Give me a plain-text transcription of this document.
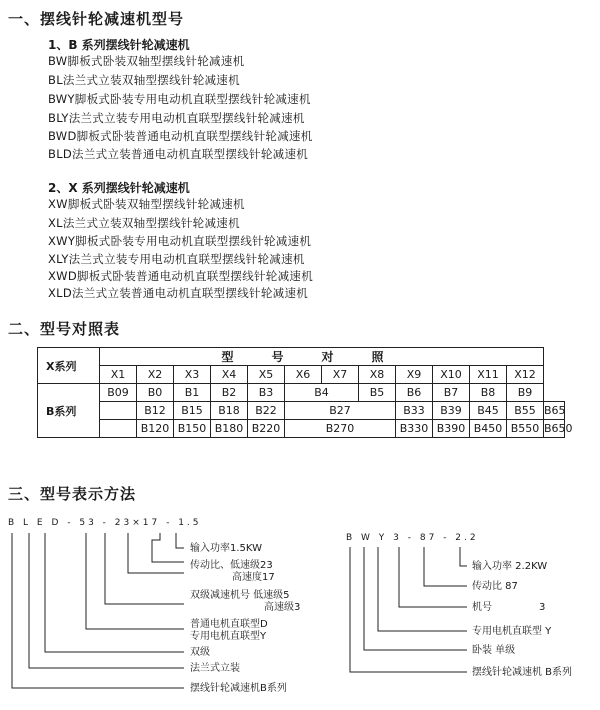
一、摆线针轮减速机型号
1、B 系列摆线针轮减速机
BW脚板式卧装双轴型摆线针轮减速机
BL法兰式立装双轴型摆线针轮减速机
BWY脚板式卧装专用电动机直联型摆线针轮减速机
BLY法兰式立装专用电动机直联型摆线针轮减速机
BWD脚板式卧装普通电动机直联型摆线针轮减速机
BLD法兰式立装普通电动机直联型摆线针轮减速机
2、X 系列摆线针轮减速机
XW脚板式卧装双轴型摆线针轮减速机
XL法兰式立装双轴型摆线针轮减速机
XWY脚板式卧装专用电动机直联型摆线针轮减速机
XLY法兰式立装专用电动机直联型摆线针轮减速机
XWD脚板式卧装普通电动机直联型摆线针轮减速机
XLD法兰式立装普通电动机直联型摆线针轮减速机
二、型号对照表
X系列	型号对照												
	X1	X2	X3	X4	X5	X6	X7	X8	X9	X10	X11	X12	
B系列	B09	B0	B1	B2	B3	B4		B5	B6	B7	B8	B9	
		B12	B15	B18	B22	B27			B33	B39	B45	B55	B65
		B120	B150	B180	B220	B270			B330	B390	B450	B550	B650
三、型号表示方法
B L E D - 53 - 23×17 - 1.5
输入功率1.5KW
传动比、低速级23
高速度17
双级减速机号 低速级5
高速级3
普通电机直联型D
专用电机直联型Y
双级
法兰式立装
摆线针轮减速机B系列
B W Y 3 - 87 - 2.2
输入功率 2.2KW
传动比 87
机号	3
专用电机直联型 Y
卧装 单级
摆线针轮减速机 B系列
